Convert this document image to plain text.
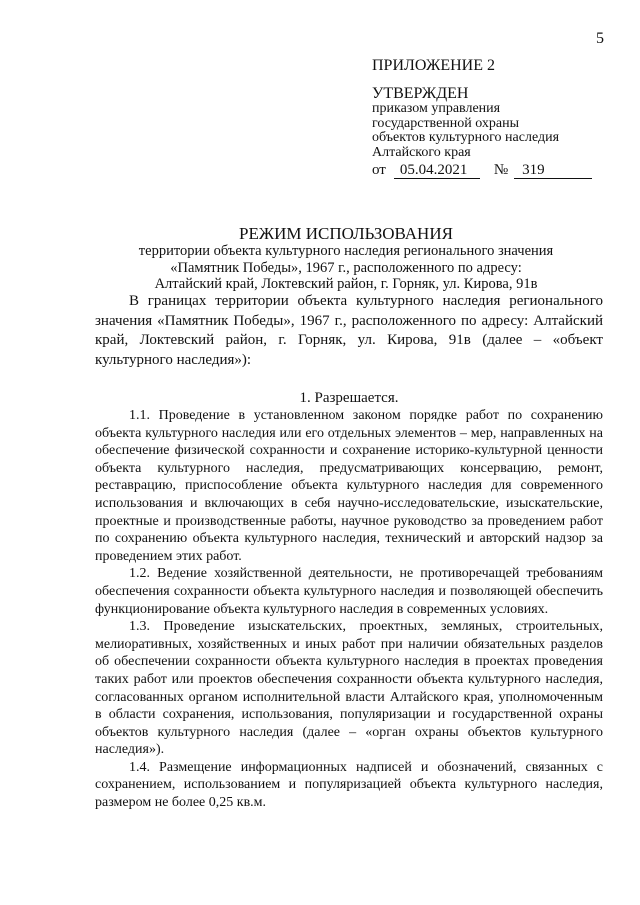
5
ПРИЛОЖЕНИЕ 2
УТВЕРЖДЕН
приказом управления
государственной охраны
объектов культурного наследия
Алтайского края
от 05.04.2021 № 319
РЕЖИМ ИСПОЛЬЗОВАНИЯ
территории объекта культурного наследия регионального значения
«Памятник Победы», 1967 г., расположенного по адресу:
Алтайский край, Локтевский район, г. Горняк, ул. Кирова, 91в

В границах территории объекта культурного наследия регионального значения «Памятник Победы», 1967 г., расположенного по адресу: Алтайский край, Локтевский район, г. Горняк, ул. Кирова, 91в (далее – «объект культурного наследия»):

1. Разрешается.

1.1. Проведение в установленном законом порядке работ по сохранению объекта культурного наследия или его отдельных элементов – мер, направленных на обеспечение физической сохранности и сохранение историко-культурной ценности объекта культурного наследия, предусматривающих консервацию, ремонт, реставрацию, приспособление объекта культурного наследия для современного использования и включающих в себя научно-исследовательские, изыскательские, проектные и производственные работы, научное руководство за проведением работ по сохранению объекта культурного наследия, технический и авторский надзор за проведением этих работ.

1.2. Ведение хозяйственной деятельности, не противоречащей требованиям обеспечения сохранности объекта культурного наследия и позволяющей обеспечить функционирование объекта культурного наследия в современных условиях.

1.3. Проведение изыскательских, проектных, земляных, строительных, мелиоративных, хозяйственных и иных работ при наличии обязательных разделов об обеспечении сохранности объекта культурного наследия в проектах проведения таких работ или проектов обеспечения сохранности объекта культурного наследия, согласованных органом исполнительной власти Алтайского края, уполномоченным в области сохранения, использования, популяризации и государственной охраны объектов культурного наследия (далее – «орган охраны объектов культурного наследия»).

1.4. Размещение информационных надписей и обозначений, связанных с сохранением, использованием и популяризацией объекта культурного наследия, размером не более 0,25 кв.м.
